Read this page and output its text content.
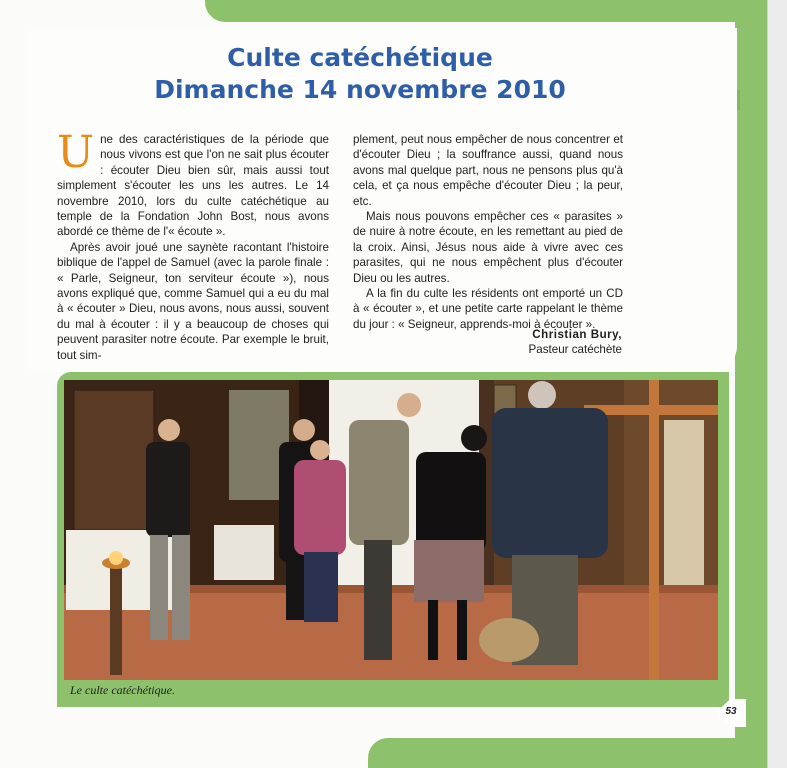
Culte catéchétique
Dimanche 14 novembre 2010

Une des caractéristiques de la période que nous vivons est que l'on ne sait plus écouter : écouter Dieu bien sûr, mais aussi tout simplement s'écouter les uns les autres. Le 14 novembre 2010, lors du culte catéchétique au temple de la Fondation John Bost, nous avons abordé ce thème de l'« écoute ».

Après avoir joué une saynète racontant l'histoire biblique de l'appel de Samuel (avec la parole finale : « Parle, Seigneur, ton serviteur écoute »), nous avons expliqué que, comme Samuel qui a eu du mal à « écouter » Dieu, nous avons, nous aussi, souvent du mal à écouter : il y a beaucoup de choses qui peuvent parasiter notre écoute. Par exemple le bruit, tout sim-

plement, peut nous empêcher de nous concentrer et d'écouter Dieu ; la souffrance aussi, quand nous avons mal quelque part, nous ne pensons plus qu'à cela, et ça nous empêche d'écouter Dieu ; la peur, etc.

Mais nous pouvons empêcher ces « parasites » de nuire à notre écoute, en les remettant au pied de la croix. Ainsi, Jésus nous aide à vivre avec ces parasites, qui ne nous empêchent plus d'écouter Dieu ou les autres.

A la fin du culte les résidents ont emporté un CD à « écouter », et une petite carte rappelant le thème du jour : « Seigneur, apprends-moi à écouter ».

Christian Bury,
Pasteur catéchète
Le culte catéchétique.
53
